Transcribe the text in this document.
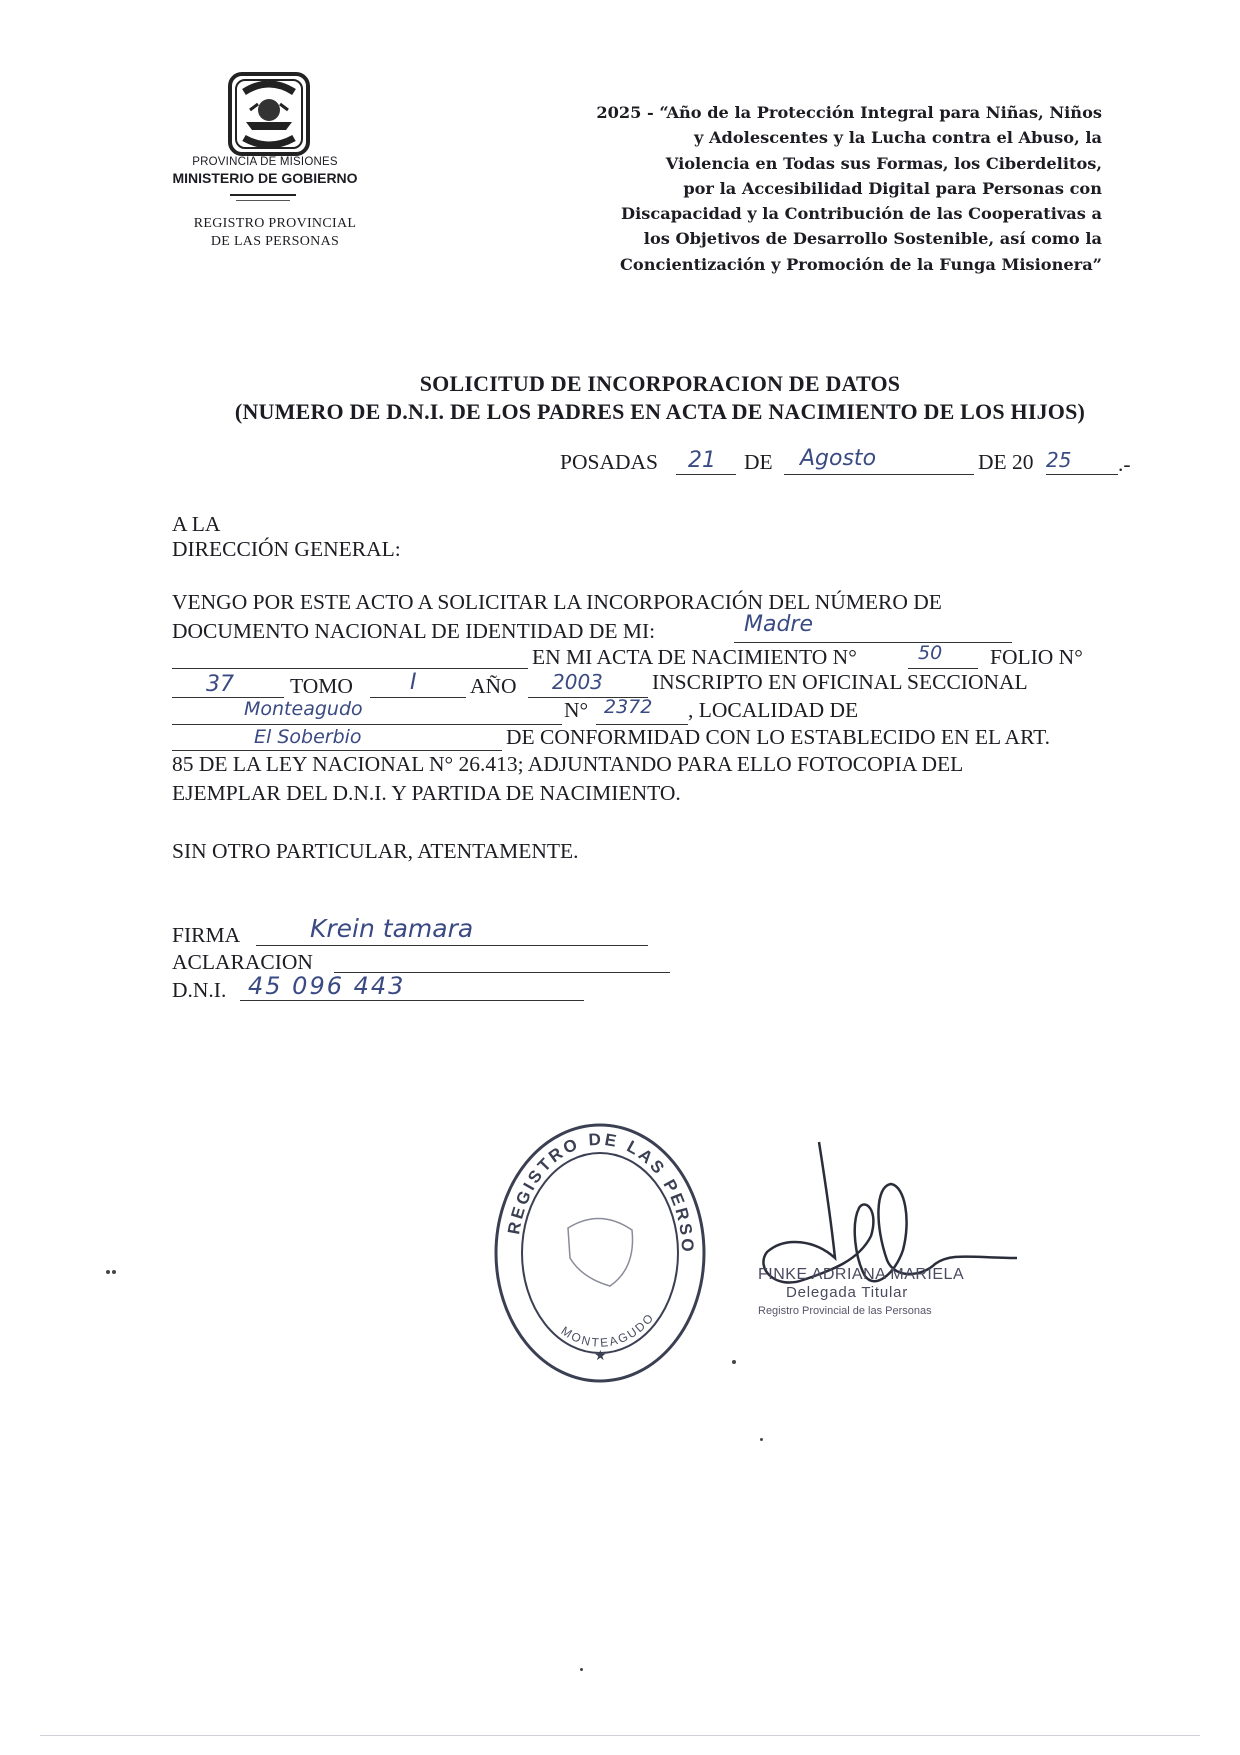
PROVINCIA DE MISIONES
MINISTERIO DE GOBIERNO
REGISTRO PROVINCIAL
DE LAS PERSONAS
2025 - “Año de la Protección Integral para Niñas, Niños
y Adolescentes y la Lucha contra el Abuso, la
Violencia en Todas sus Formas, los Ciberdelitos,
por la Accesibilidad Digital para Personas con
Discapacidad y la Contribución de las Cooperativas a
los Objetivos de Desarrollo Sostenible, así como la
Concientización y Promoción de la Funga Misionera”
SOLICITUD DE INCORPORACION DE DATOS
(NUMERO DE D.N.I. DE LOS PADRES EN ACTA DE NACIMIENTO DE LOS HIJOS)
POSADAS 21 DE Agosto	DE 20 25 .-
A LA
DIRECCIÓN GENERAL:
VENGO POR ESTE ACTO A SOLICITAR LA INCORPORACIÓN DEL NÚMERO DE
DOCUMENTO NACIONAL DE IDENTIDAD DE MI:	Madre
EN MI ACTA DE NACIMIENTO N°	50 FOLIO N°
37	TOMO	I AÑO 2003 INSCRIPTO EN OFICINAL SECCIONAL
Monteagudo	N° 2372 , LOCALIDAD DE
El Soberbio	DE CONFORMIDAD CON LO ESTABLECIDO EN EL ART.
85 DE LA LEY NACIONAL N° 26.413; ADJUNTANDO PARA ELLO FOTOCOPIA DEL
EJEMPLAR DEL D.N.I. Y PARTIDA DE NACIMIENTO.
SIN OTRO PARTICULAR, ATENTAMENTE.
FIRMA	Krein tamara
ACLARACION
D.N.I. 45 096 443
REGISTRO DE LAS PERSO
MONTEAGUDO
★
FINKE ADRIANA MARIELA
Delegada Titular
Registro Provincial de las Personas
